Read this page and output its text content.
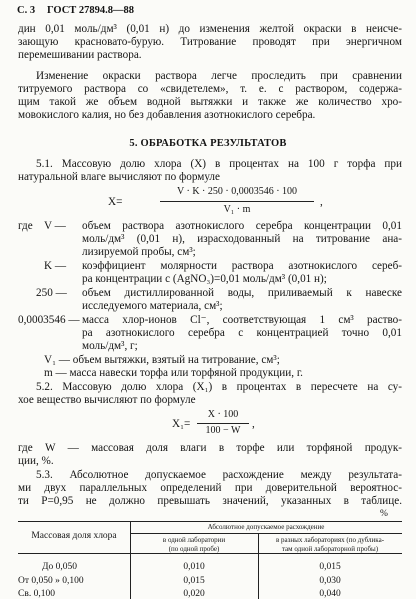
С. 3 ГОСТ 27894.8—88
дин 0,01 моль/дм³ (0,01 н) до изменения желтой окраски в неисче-
зающую красновато-бурую. Титрование проводят при энергичном
перемешивании раствора.
Изменение окраски раствора легче проследить при сравнении
титруемого раствора со «свидетелем», т. е. с раствором, содержа-
щим такой же объем водной вытяжки и также же количество хро-
мовокислого калия, но без добавления азотнокислого серебра.
5. ОБРАБОТКА РЕЗУЛЬТАТОВ
5.1. Массовую долю хлора (X) в процентах на 100 г торфа при
натуральной влаге вычисляют по формуле
X=
V · K · 250 · 0,0003546 · 100
V₁ · m
,
где V — объем раствора азотнокислого серебра концентрации 0,01
моль/дм³ (0,01 н), израсходованный на титрование ана-
лизируемой пробы, см³;
K — коэффициент молярности раствора азотнокислого сереб-
ра концентрации c (AgNO₃)=0,01 моль/дм³ (0,01 н);
250 — объем дистиллированной воды, приливаемый к навеске
исследуемого материала, см³;
0,0003546 — масса хлор-ионов Cl⁻, соответствующая 1 см³ раство-
ра азотнокислого серебра с концентрацией точно 0,01
моль/дм³, г;
V₁ — объем вытяжки, взятый на титрование, см³;
m — масса навески торфа или торфяной продукции, г.
5.2. Массовую долю хлора (X₁) в процентах в пересчете на су-
хое вещество вычисляют по формуле
X₁=
X · 100
100 − W
,
где W — массовая доля влаги в торфе или торфяной продук-
ции, %.
5.3. Абсолютное допускаемое расхождение между результата-
ми двух параллельных определений при доверительной вероятнос-
ти P=0,95 не должно превышать значений, указанных в таблице.
%
Массовая доля хлора
Абсолютное допускаемое расхождение
в одной лаборатории
(по одной пробе)
в разных лабораториях (по дублика-
там одной лабораторной пробы)
До 0,050	0,010	0,015
От 0,050 » 0,100	0,015	0,030
Св. 0,100	0,020	0,040
